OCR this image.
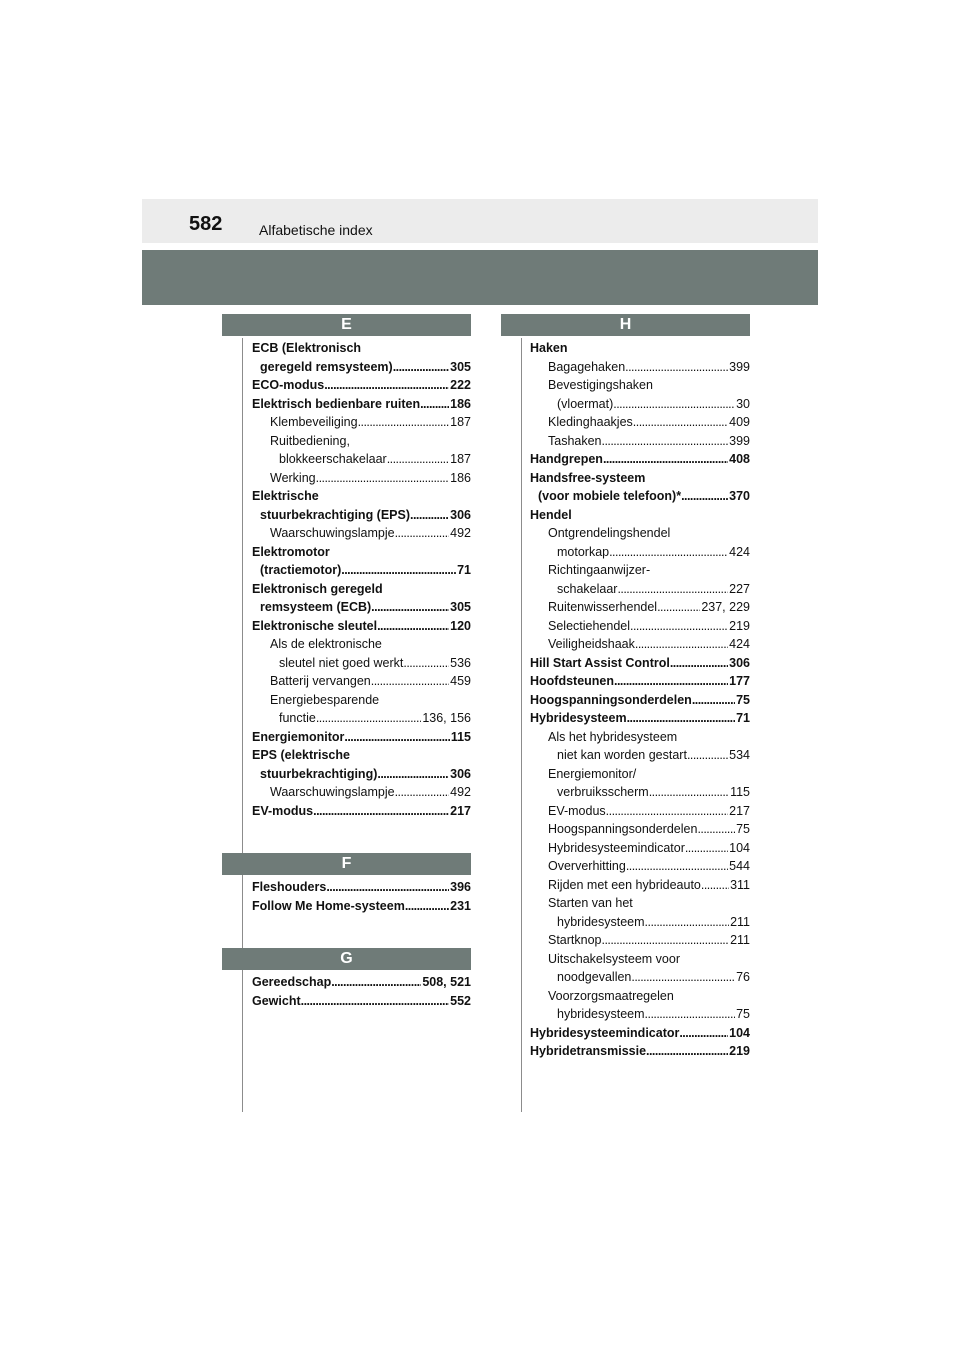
582	Alfabetische index
E
ECB (Elektronisch
geregeld remsysteem) . . .	305
ECO-modus . . .	222
Elektrisch bedienbare ruiten . . . 186
Klembeveiliging . . .	187
Ruitbediening,
blokkeerschakelaar . . .	187
Werking . . .	186
Elektrische
stuurbekrachtiging (EPS) . . .	306
Waarschuwingslampje . . .	492
Elektromotor
(tractiemotor) . . .	71
Elektronisch geregeld
remsysteem (ECB) . . .	305
Elektronische sleutel . . .	120
Als de elektronische
sleutel niet goed werkt . . .	536
Batterij vervangen . . .	459
Energiebesparende
functie . . .	136, 156
Energiemonitor . . .	115
EPS (elektrische
stuurbekrachtiging) . . .	306
Waarschuwingslampje . . .	492
EV-modus . . .	217
F
Fleshouders . . .	396
Follow Me Home-systeem . . .	231
G
Gereedschap . . .	508, 521
Gewicht . . .	552
H
Haken
Bagagehaken . . .	399
Bevestigingshaken
(vloermat) . . .	30
Kledinghaakjes . . .	409
Tashaken . . .	399
Handgrepen . . .	408
Handsfree-systeem
(voor mobiele telefoon)* . . .	370
Hendel
Ontgrendelingshendel
motorkap . . .	424
Richtingaanwijzer-
schakelaar . . .	227
Ruitenwisserhendel . . .	237, 229
Selectiehendel . . .	219
Veiligheidshaak . . .	424
Hill Start Assist Control . . .	306
Hoofdsteunen . . .	177
Hoogspanningsonderdelen . . .	75
Hybridesysteem . . .	71
Als het hybridesysteem
niet kan worden gestart . . .	534
Energiemonitor/
verbruiksscherm . . .	115
EV-modus . . .	217
Hoogspanningsonderdelen . . .	75
Hybridesysteemindicator . . .	104
Oververhitting . . .	544
Rijden met een hybrideauto . . . 311
Starten van het
hybridesysteem . . .	211
Startknop . . .	211
Uitschakelsysteem voor
noodgevallen . . .	76
Voorzorgsmaatregelen
hybridesysteem . . .	75
Hybridesysteemindicator . . .	104
Hybridetransmissie . . .	219
